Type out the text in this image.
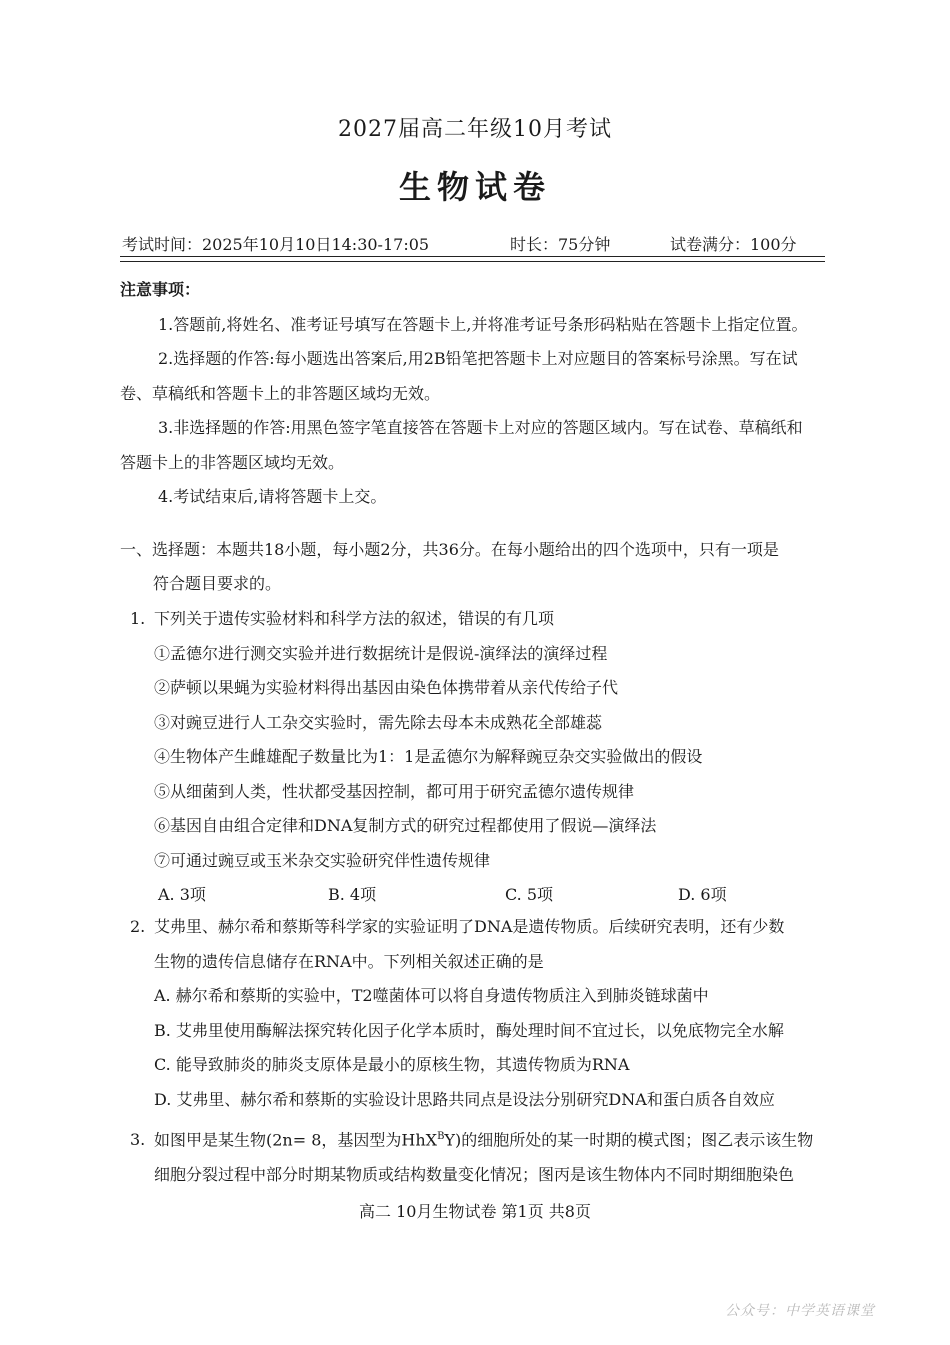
2027届高二年级10月考试
生物试卷
考试时间：2025年10月10日14:30-17:05	时长：75分钟	试卷满分：100分
注意事项：

1.答题前,将姓名、准考证号填写在答题卡上,并将准考证号条形码粘贴在答题卡上指定位置。

2.选择题的作答:每小题选出答案后,用2B铅笔把答题卡上对应题目的答案标号涂黑。写在试

卷、草稿纸和答题卡上的非答题区域均无效。

3.非选择题的作答:用黑色签字笔直接答在答题卡上对应的答题区域内。写在试卷、草稿纸和

答题卡上的非答题区域均无效。

4.考试结束后,请将答题卡上交。

一、选择题：本题共18小题，每小题2分，共36分。在每小题给出的四个选项中，只有一项是
符合题目要求的。
1. 下列关于遗传实验材料和科学方法的叙述，错误的有几项
①孟德尔进行测交实验并进行数据统计是假说-演绎法的演绎过程
②萨顿以果蝇为实验材料得出基因由染色体携带着从亲代传给子代
③对豌豆进行人工杂交实验时，需先除去母本未成熟花全部雄蕊
④生物体产生雌雄配子数量比为1：1是孟德尔为解释豌豆杂交实验做出的假设
⑤从细菌到人类，性状都受基因控制，都可用于研究孟德尔遗传规律
⑥基因自由组合定律和DNA复制方式的研究过程都使用了假说—演绎法
⑦可通过豌豆或玉米杂交实验研究伴性遗传规律
A. 3项	B. 4项	C. 5项	D. 6项
2. 艾弗里、赫尔希和蔡斯等科学家的实验证明了DNA是遗传物质。后续研究表明，还有少数
生物的遗传信息储存在RNA中。下列相关叙述正确的是
A. 赫尔希和蔡斯的实验中，T2噬菌体可以将自身遗传物质注入到肺炎链球菌中
B. 艾弗里使用酶解法探究转化因子化学本质时，酶处理时间不宜过长，以免底物完全水解
C. 能导致肺炎的肺炎支原体是最小的原核生物，其遗传物质为RNA
D. 艾弗里、赫尔希和蔡斯的实验设计思路共同点是设法分别研究DNA和蛋白质各自效应
3. 如图甲是某生物(2n= 8，基因型为HhX$^B$Y)的细胞所处的某一时期的模式图；图乙表示该生物
细胞分裂过程中部分时期某物质或结构数量变化情况；图丙是该生物体内不同时期细胞染色
高二 10月生物试卷 第1页 共8页
公众号：中学英语课堂
